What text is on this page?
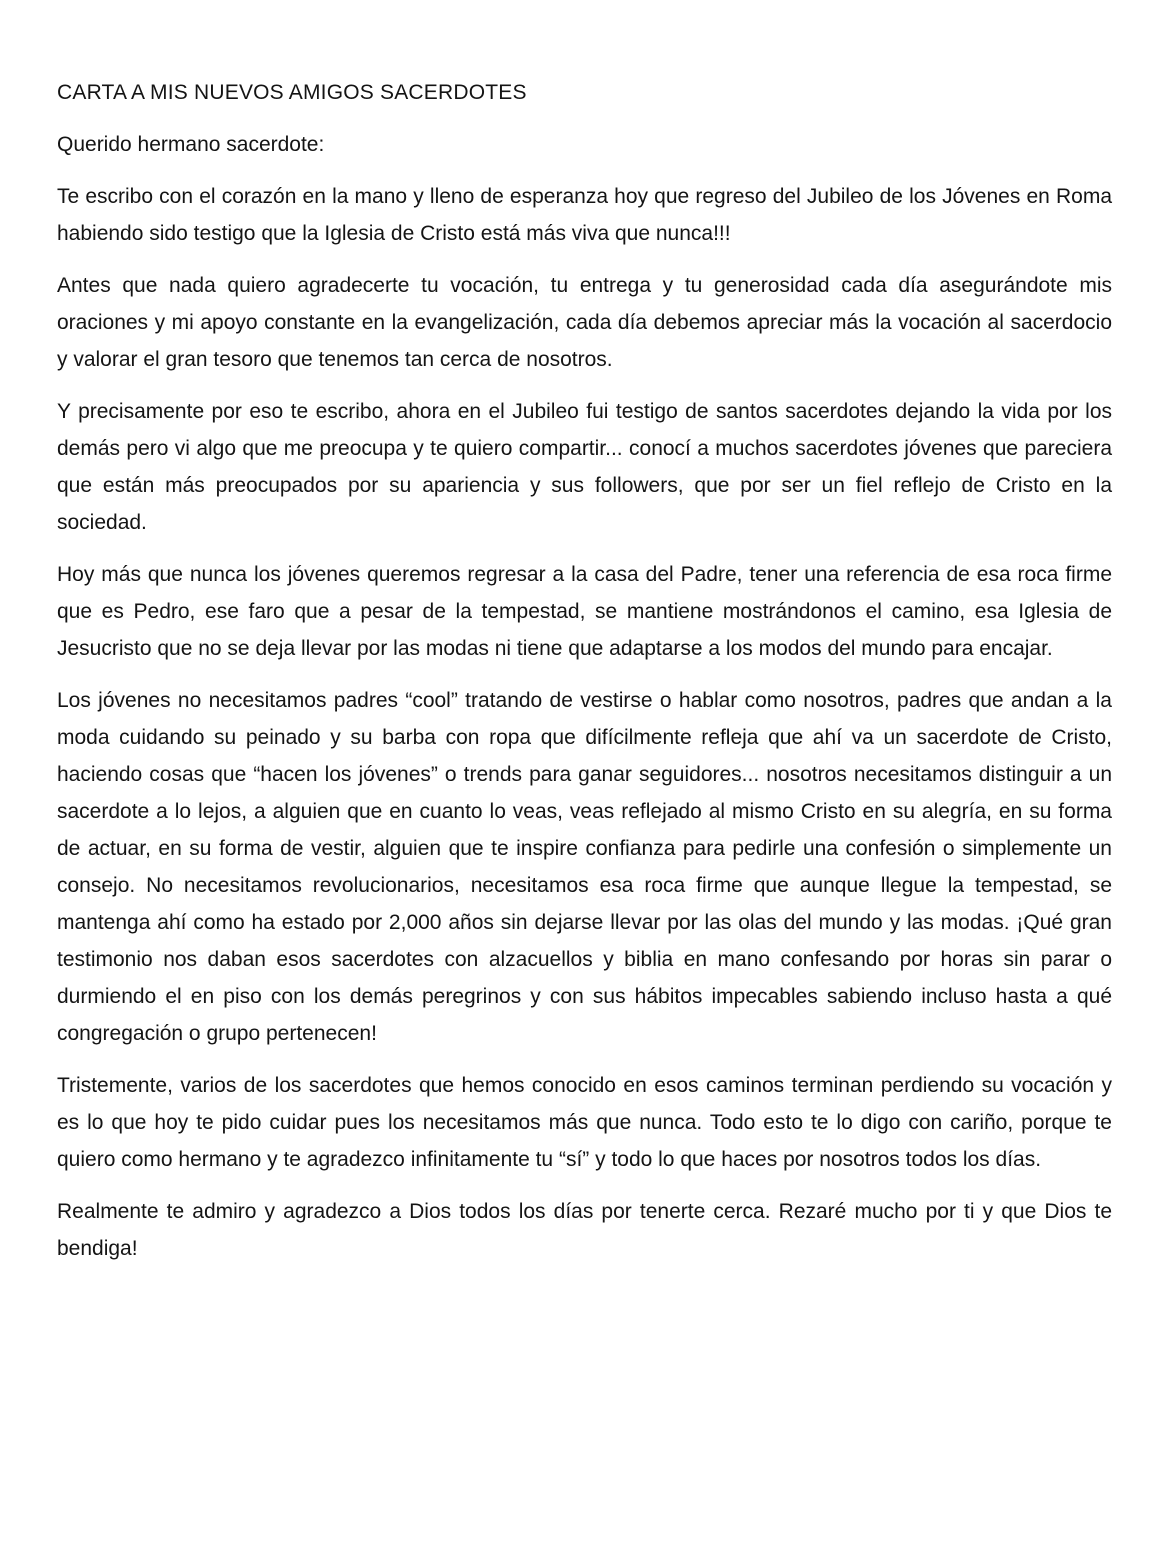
CARTA A MIS NUEVOS AMIGOS SACERDOTES

Querido hermano sacerdote:

Te escribo con el corazón en la mano y lleno de esperanza hoy que regreso del Jubileo de los Jóvenes en Roma habiendo sido testigo que la Iglesia de Cristo está más viva que nunca!!!

Antes que nada quiero agradecerte tu vocación, tu entrega y tu generosidad cada día asegurándote mis oraciones y mi apoyo constante en la evangelización, cada día debemos apreciar más la vocación al sacerdocio y valorar el gran tesoro que tenemos tan cerca de nosotros.

Y precisamente por eso te escribo, ahora en el Jubileo fui testigo de santos sacerdotes dejando la vida por los demás pero vi algo que me preocupa y te quiero compartir... conocí a muchos sacerdotes jóvenes que pareciera que están más preocupados por su apariencia y sus followers, que por ser un fiel reflejo de Cristo en la sociedad.

Hoy más que nunca los jóvenes queremos regresar a la casa del Padre, tener una referencia de esa roca firme que es Pedro, ese faro que a pesar de la tempestad, se mantiene mostrándonos el camino, esa Iglesia de Jesucristo que no se deja llevar por las modas ni tiene que adaptarse a los modos del mundo para encajar.

Los jóvenes no necesitamos padres “cool” tratando de vestirse o hablar como nosotros, padres que andan a la moda cuidando su peinado y su barba con ropa que difícilmente refleja que ahí va un sacerdote de Cristo, haciendo cosas que “hacen los jóvenes” o trends para ganar seguidores... nosotros necesitamos distinguir a un sacerdote a lo lejos, a alguien que en cuanto lo veas, veas reflejado al mismo Cristo en su alegría, en su forma de actuar, en su forma de vestir, alguien que te inspire confianza para pedirle una confesión o simplemente un consejo. No necesitamos revolucionarios, necesitamos esa roca firme que aunque llegue la tempestad, se mantenga ahí como ha estado por 2,000 años sin dejarse llevar por las olas del mundo y las modas. ¡Qué gran testimonio nos daban esos sacerdotes con alzacuellos y biblia en mano confesando por horas sin parar o durmiendo el en piso con los demás peregrinos y con sus hábitos impecables sabiendo incluso hasta a qué congregación o grupo pertenecen!

Tristemente, varios de los sacerdotes que hemos conocido en esos caminos terminan perdiendo su vocación y es lo que hoy te pido cuidar pues los necesitamos más que nunca. Todo esto te lo digo con cariño, porque te quiero como hermano y te agradezco infinitamente tu “sí” y todo lo que haces por nosotros todos los días.

Realmente te admiro y agradezco a Dios todos los días por tenerte cerca. Rezaré mucho por ti y que Dios te bendiga!
